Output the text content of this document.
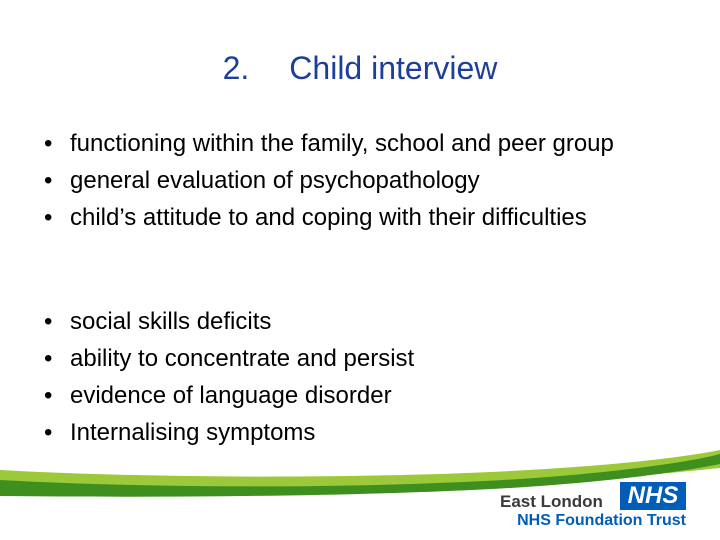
2. Child interview
• functioning within the family, school and peer group
• general evaluation of psychopathology
• child’s attitude to and coping with their difficulties
• social skills deficits
• ability to concentrate and persist
• evidence of language disorder
• Internalising symptoms
East London NHS
NHS Foundation Trust
